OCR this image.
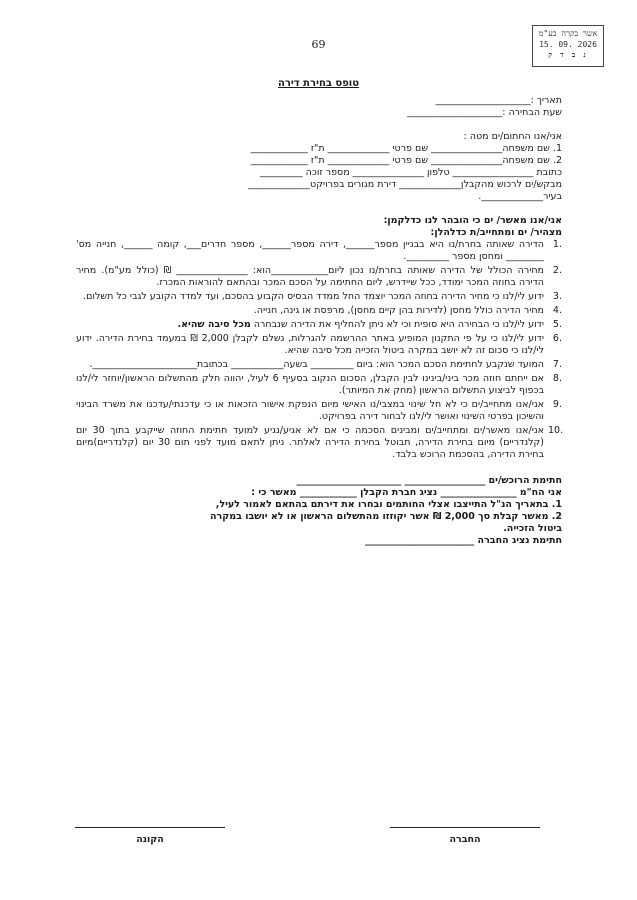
69
אשר בקרה בע"מ
15. 09. 2026
נ ב ד ק
טופס בחירת דירה
תאריך :____________________
שעת הבחירה :____________________
אני/אנו החתום/ים מטה :
1. שם משפחה_______________ שם פרטי _____________ ת"ז ____________
2. שם משפחה_______________ שם פרטי _____________ ת"ז ____________
כתובת _________________ טלפון _______________ מספר זוכה _________
מבקש/ים לרכוש מהקבלן_____________ דירת מגורים בפרויקט_____________
בעיר_____________.
אני/אנו מאשר/ ים כי הובהר לנו כדלקמן:
מצהיר/ ים ומתחייב/ת כדלהלן:
1.
הדירה שאותה בחרת/נו היא בבניין מספר______, דירה מספר______, מספר חדרים___, קומה ______, חנייה מס' ________ ומחסן מספר _________.
2.
מחירה הכולל של הדירה שאותה בחרת/נו נכון ליום____________הוא: _______________ ₪ (כולל מע"מ). מחיר הדירה בחוזה המכר ימודד, ככל שיידרש, ליום החתימה על הסכם המכר ובהתאם להוראות המכרז.
3.
ידוע לי/לנו כי מחיר הדירה בחוזה המכר יוצמד החל ממדד הבסיס הקבוע בהסכם, ועד למדד הקובע לגבי כל תשלום.
4.
מחיר הדירה כולל מחסן (לדירות בהן קיים מחסן), מרפסת או גינה, חנייה.
5.
ידוע לי/לנו כי הבחירה היא סופית וכי לא ניתן להחליף את הדירה שנבחרה מכל סיבה שהיא.
6.
ידוע לי/לנו כי על פי התקנון המופיע באתר ההרשמה להגרלות, נשלם לקבלן 2,000 ₪ במעמד בחירת הדירה. ידוע לי/לנו כי סכום זה לא יושב במקרה ביטול הזכייה מכל סיבה שהיא.
7.
המועד שנקבע לחתימת הסכם המכר הוא: ביום _________ בשעה___________ בכתובת______________________.
8.
אם ייחתם חוזה מכר ביני/בינינו לבין הקבלן, הסכום הנקוב בסעיף 6 לעיל, יהווה חלק מהתשלום הראשון/יוחזר לי/לנו בכפוף לביצוע התשלום הראשון (מחק את המיותר).
9.
אני/אנו מתחייב/ים כי לא חל שינוי במצבי/נו האישי מיום הנפקת אישור הזכאות או כי עדכנתי/עדכנו את משרד הבינוי והשיכון בפרטי השינוי ואושר לי/לנו לבחור דירה בפרויקט.
10.
אני/אנו מאשר/ים ומתחייב/ים ומבינים הסכמה כי אם לא אגיע/נגיע למועד חתימת החוזה שייקבע בתוך 30 יום (קלנדריים) מיום בחירת הדירה, תבוטל בחירת הדירה לאלתר. ניתן לתאם מועד לפני תום 30 יום (קלנדריים)מיום בחירת הדירה, בהסכמת הרוכש בלבד.
חתימת הרוכש/ים _________________ ______________________
אני הח"מ ________________ נציג חברת הקבלן ____________ מאשר כי :
1. בתאריך הנ"ל התייצבו אצלי החותמים ובחרו את דירתם בהתאם לאמור לעיל,
2. מאשר קבלת סך 2,000 ₪ אשר יקוזזו מהתשלום הראשון או לא יושבו במקרה
ביטול הזכייה.
חתימת נציג החברה _______________________
הקונה	החברה
